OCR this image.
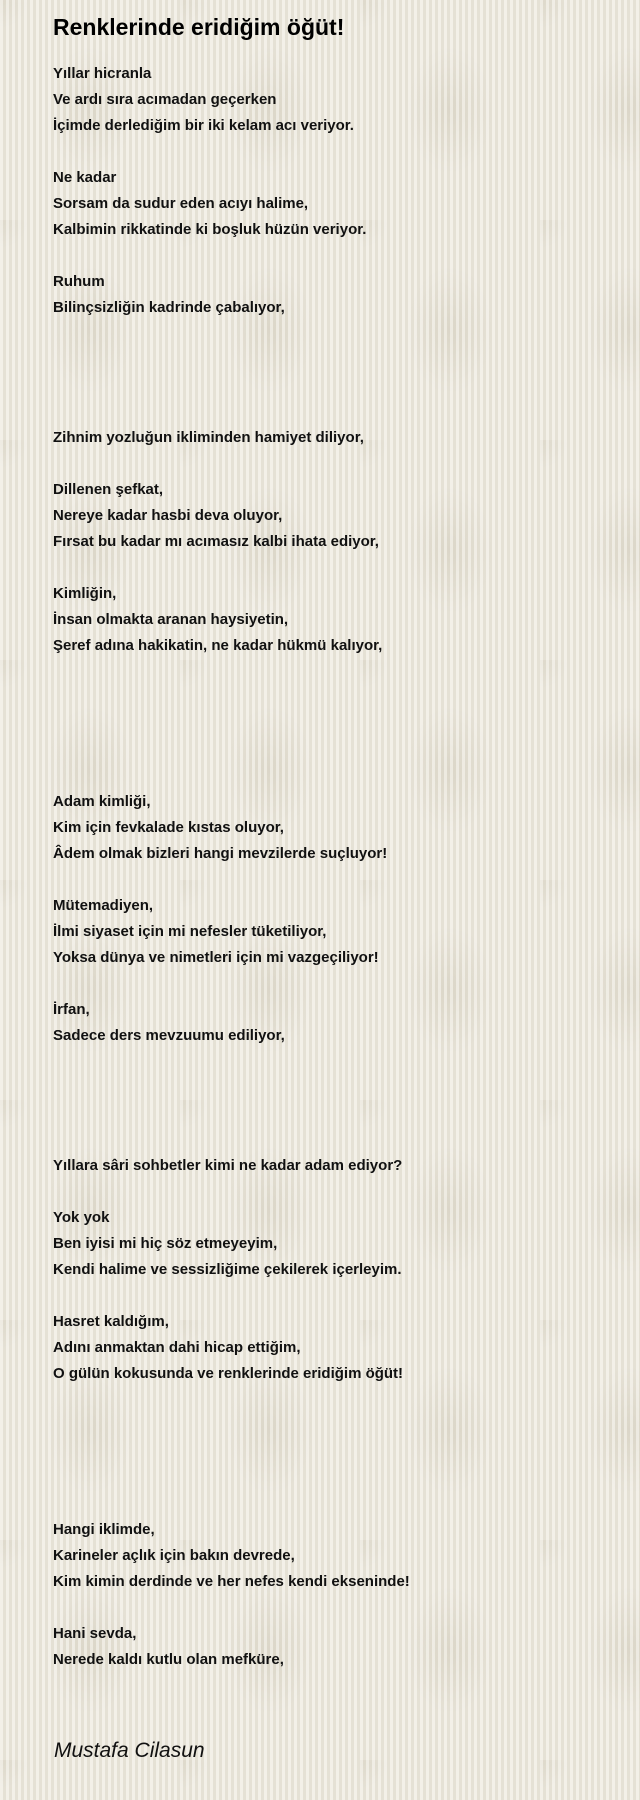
Renklerinde eridiğim öğüt!
Yıllar hicranla
Ve ardı sıra acımadan geçerken
İçimde derlediğim bir iki kelam acı veriyor.
Ne kadar
Sorsam da sudur eden acıyı halime,
Kalbimin rikkatinde ki boşluk hüzün veriyor.
Ruhum
Bilinçsizliğin kadrinde çabalıyor,
Zihnim yozluğun ikliminden hamiyet diliyor,
Dillenen şefkat,
Nereye kadar hasbi deva oluyor,
Fırsat bu kadar mı acımasız kalbi ihata ediyor,
Kimliğin,
İnsan olmakta aranan haysiyetin,
Şeref adına hakikatin, ne kadar hükmü kalıyor,
Adam kimliği,
Kim için fevkalade kıstas oluyor,
Âdem olmak bizleri hangi mevzilerde suçluyor!
Mütemadiyen,
İlmi siyaset için mi nefesler tüketiliyor,
Yoksa dünya ve nimetleri için mi vazgeçiliyor!
İrfan,
Sadece ders mevzuumu ediliyor,
Yıllara sâri sohbetler kimi ne kadar adam ediyor?
Yok yok
Ben iyisi mi hiç söz etmeyeyim,
Kendi halime ve sessizliğime çekilerek içerleyim.
Hasret kaldığım,
Adını anmaktan dahi hicap ettiğim,
O gülün kokusunda ve renklerinde eridiğim öğüt!
Hangi iklimde,
Karineler açlık için bakın devrede,
Kim kimin derdinde ve her nefes kendi ekseninde!
Hani sevda,
Nerede kaldı kutlu olan mefküre,
Mustafa Cilasun
